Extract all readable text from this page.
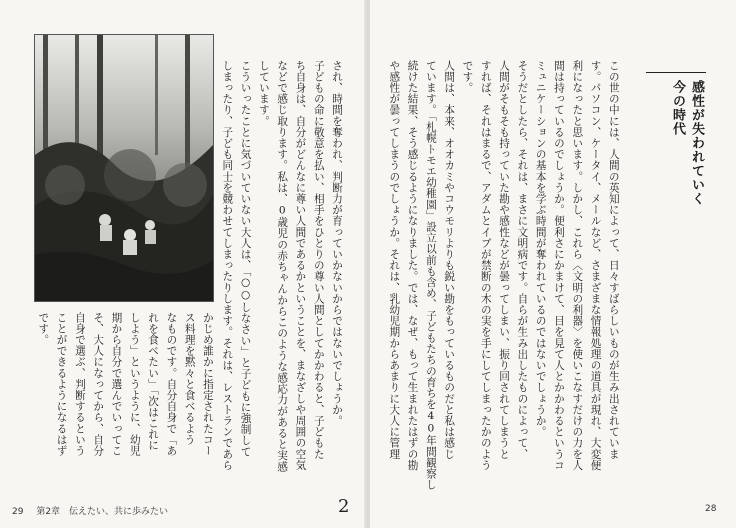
され、時間を奪われ、判断力が育っていかないからではないでしょうか。
子どもの命に敬意を払い、相手をひとりの尊い人間としてかかわると、子どもた
ち自身は、自分がどんなに尊い人間であるかということを、まなざしや周囲の空気
などで感じ取ります。私は、0歳児の赤ちゃんからこのような感応力があると実感
しています。
こういったことに気づいていない大人は、「○○しなさい」と子どもに強制して
しまったり、子ども同士を競わせてしまったりします。それは、レストランであら
かじめ誰かに指定されたコー
ス料理を黙々と食べるよう
なものです。自分自身で「あ
れを食べたい」「次はこれに
しよう」というように、幼児
期から自分で選んでいってこ
そ、大人になってから、自分
自身で選ぶ、判断するという
ことができるようになるはず
です。
29 第2章　伝えたい、共に歩みたい
この世の中には、人間の英知によって、日々すばらしいものが生み出されていま
す。パソコン、ケータイ、メールなど、さまざまな情報処理の道具が現れ、大変便
利になったと思います。しかし、これら〈文明の利器〉を使いこなすだけの力を人
間は持っているのでしょうか。便利さにかまけて、目を見て人とかかわるというコ
ミュニケーションの基本を学ぶ時間が奪われているのではないでしょうか。
そうだとしたら、それは、まさに文明病です。自らが生み出したものによって、
人間がそもそも持っていた勘や感性などが曇ってしまい、振り回されてしまうと
すれば、それはまるで、アダムとイブが禁断の木の実を手にしてしまったかのよう
です。
人間は、本来、オオカミやコウモリよりも鋭い勘をもっているものだと私は感じ
ています。「札幌トモエ幼稚園」設立以前も含め、子どもたちの育ちを40年間観察し
続けた結果、そう感じるようになりました。では、なぜ、もって生まれたはずの勘
や感性が曇ってしまうのでしょうか。それは、乳幼児期からあまりに大人に管理	感性が失われていく
今の時代
2	28
